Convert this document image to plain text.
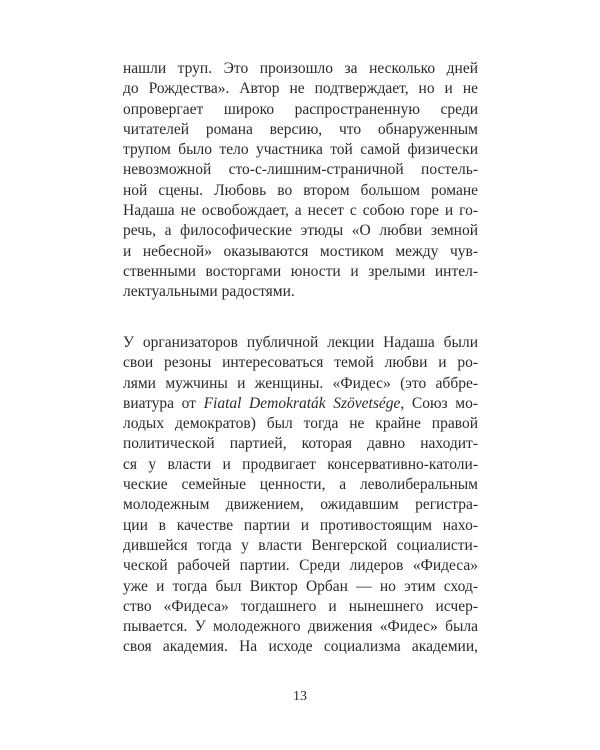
нашли труп. Это произошло за несколько дней
до Рождества». Автор не подтверждает, но и не
опровергает широко распространенную среди
читателей романа версию, что обнаруженным
трупом было тело участника той самой физически
невозможной сто-с-лишним-страничной постель-
ной сцены. Любовь во втором большом романе
Надаша не освобождает, а несет с собою горе и го-
речь, а философические этюды «О любви земной
и небесной» оказываются мостиком между чув-
ственными восторгами юности и зрелыми интел-
лектуальными радостями.
У организаторов публичной лекции Надаша были
свои резоны интересоваться темой любви и ро-
лями мужчины и женщины. «Фидес» (это аббре-
виатура от Fiatal Demokraták Szövetsége, Союз мо-
лодых демократов) был тогда не крайне правой
политической партией, которая давно находит-
ся у власти и продвигает консервативно-католи-
ческие семейные ценности, а леволиберальным
молодежным движением, ожидавшим регистра-
ции в качестве партии и противостоящим нахо-
дившейся тогда у власти Венгерской социалисти-
ческой рабочей партии. Среди лидеров «Фидеса»
уже и тогда был Виктор Орбан — но этим сход-
ство «Фидеса» тогдашнего и нынешнего исчер-
пывается. У молодежного движения «Фидес» была
своя академия. На исходе социализма академии,
13
